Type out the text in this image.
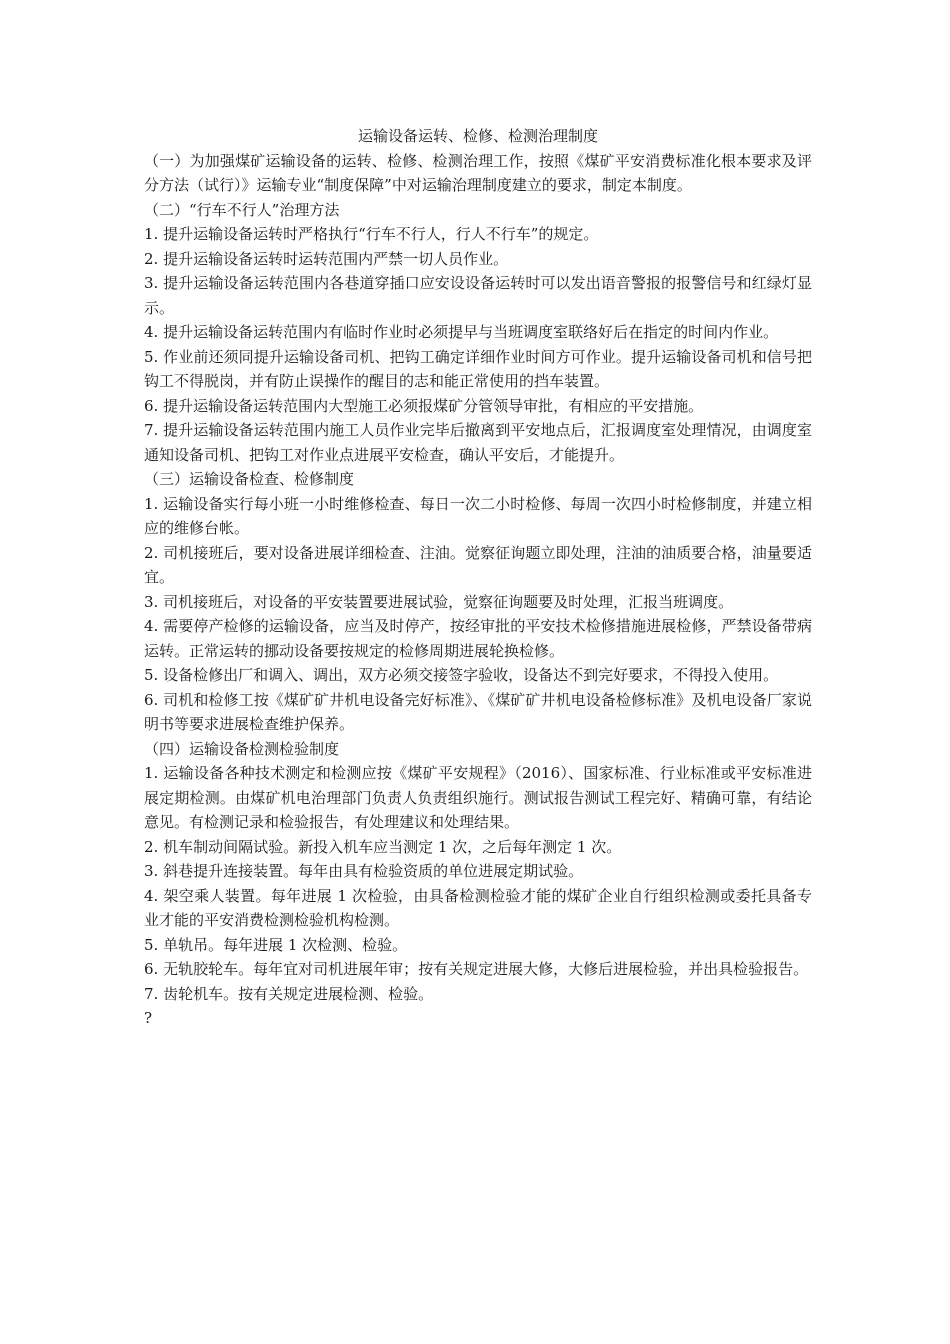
运输设备运转、检修、检测治理制度

（一）为加强煤矿运输设备的运转、检修、检测治理工作，按照《煤矿平安消费标准化根本要求及评分方法（试行）》运输专业“制度保障”中对运输治理制度建立的要求，制定本制度。

（二）“行车不行人”治理方法

1. 提升运输设备运转时严格执行“行车不行人，行人不行车”的规定。
2. 提升运输设备运转时运转范围内严禁一切人员作业。
3. 提升运输设备运转范围内各巷道穿插口应安设设备运转时可以发出语音警报的报警信号和红绿灯显示。
4. 提升运输设备运转范围内有临时作业时必须提早与当班调度室联络好后在指定的时间内作业。
5. 作业前还须同提升运输设备司机、把钩工确定详细作业时间方可作业。提升运输设备司机和信号把钩工不得脱岗，并有防止误操作的醒目的志和能正常使用的挡车装置。
6. 提升运输设备运转范围内大型施工必须报煤矿分管领导审批，有相应的平安措施。
7. 提升运输设备运转范围内施工人员作业完毕后撤离到平安地点后，汇报调度室处理情况，由调度室通知设备司机、把钩工对作业点进展平安检查，确认平安后，才能提升。

（三）运输设备检查、检修制度

1. 运输设备实行每小班一小时维修检查、每日一次二小时检修、每周一次四小时检修制度，并建立相应的维修台帐。
2. 司机接班后，要对设备进展详细检查、注油。觉察征询题立即处理，注油的油质要合格，油量要适宜。
3. 司机接班后，对设备的平安装置要进展试验，觉察征询题要及时处理，汇报当班调度。
4. 需要停产检修的运输设备，应当及时停产，按经审批的平安技术检修措施进展检修，严禁设备带病运转。正常运转的挪动设备要按规定的检修周期进展轮换检修。
5. 设备检修出厂和调入、调出，双方必须交接签字验收，设备达不到完好要求，不得投入使用。
6. 司机和检修工按《煤矿矿井机电设备完好标准》、《煤矿矿井机电设备检修标准》及机电设备厂家说明书等要求进展检查维护保养。

（四）运输设备检测检验制度

1. 运输设备各种技术测定和检测应按《煤矿平安规程》（2016）、国家标准、行业标准或平安标准进展定期检测。由煤矿机电治理部门负责人负责组织施行。测试报告测试工程完好、精确可靠，有结论意见。有检测记录和检验报告，有处理建议和处理结果。
2. 机车制动间隔试验。新投入机车应当测定 1 次，之后每年测定 1 次。
3. 斜巷提升连接装置。每年由具有检验资质的单位进展定期试验。
4. 架空乘人装置。每年进展 1 次检验，由具备检测检验才能的煤矿企业自行组织检测或委托具备专业才能的平安消费检测检验机构检测。
5. 单轨吊。每年进展 1 次检测、检验。
6. 无轨胶轮车。每年宜对司机进展年审；按有关规定进展大修，大修后进展检验，并出具检验报告。
7. 齿轮机车。按有关规定进展检测、检验。

?
